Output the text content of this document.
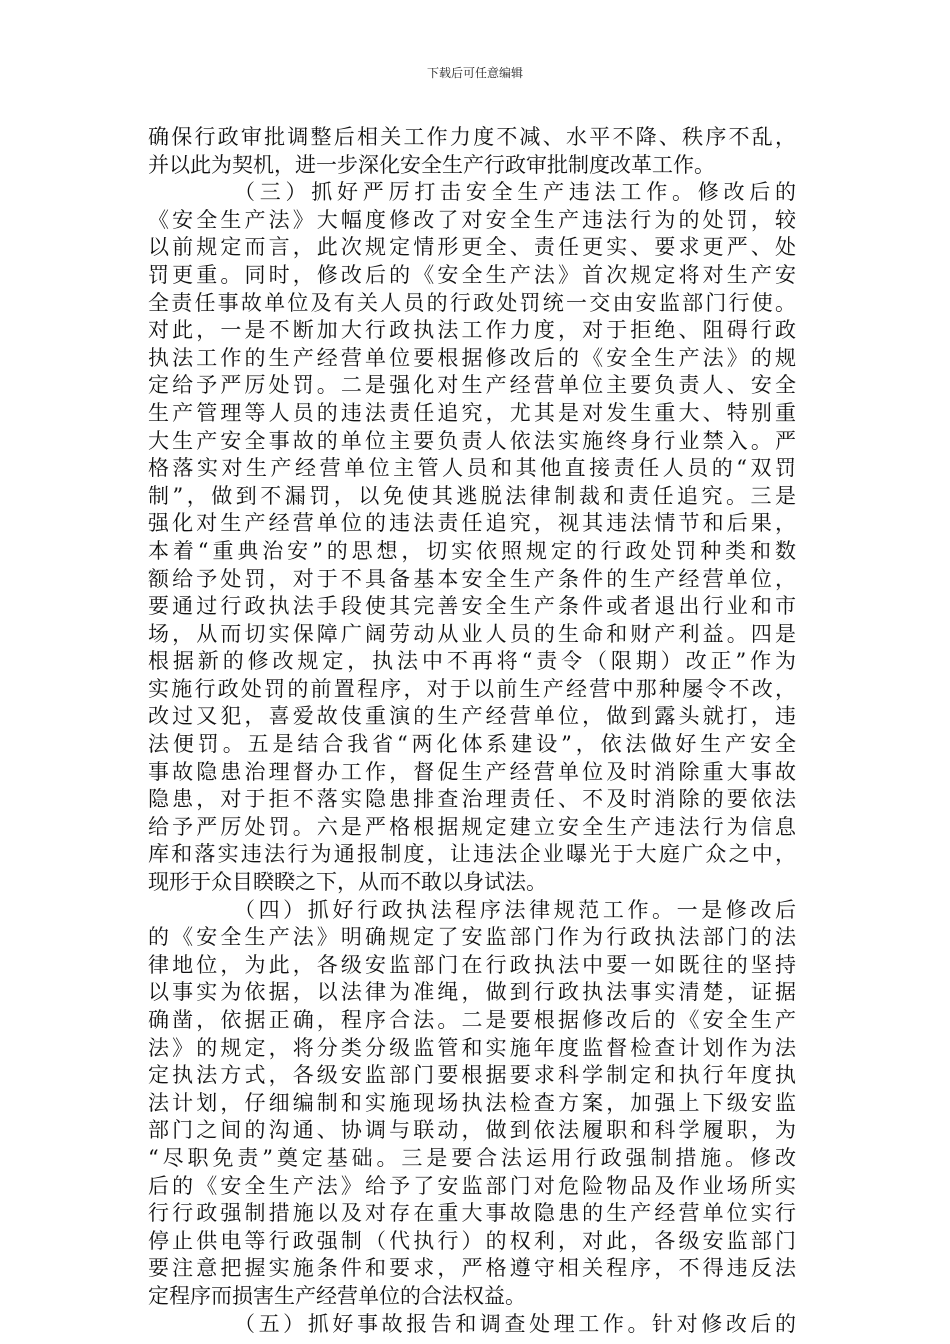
下载后可任意编辑
确保行政审批调整后相关工作力度不减、水平不降、秩序不乱，
并以此为契机，进一步深化安全生产行政审批制度改革工作。
（三）抓好严厉打击安全生产违法工作。修改后的
《安全生产法》大幅度修改了对安全生产违法行为的处罚，较
以前规定而言，此次规定情形更全、责任更实、要求更严、处
罚更重。同时，修改后的《安全生产法》首次规定将对生产安
全责任事故单位及有关人员的行政处罚统一交由安监部门行使。
对此，一是不断加大行政执法工作力度，对于拒绝、阻碍行政
执法工作的生产经营单位要根据修改后的《安全生产法》的规
定给予严厉处罚。二是强化对生产经营单位主要负责人、安全
生产管理等人员的违法责任追究，尤其是对发生重大、特别重
大生产安全事故的单位主要负责人依法实施终身行业禁入。严
格落实对生产经营单位主管人员和其他直接责任人员的“双罚
制”，做到不漏罚，以免使其逃脱法律制裁和责任追究。三是
强化对生产经营单位的违法责任追究，视其违法情节和后果，
本着“重典治安”的思想，切实依照规定的行政处罚种类和数
额给予处罚，对于不具备基本安全生产条件的生产经营单位，
要通过行政执法手段使其完善安全生产条件或者退出行业和市
场，从而切实保障广阔劳动从业人员的生命和财产利益。四是
根据新的修改规定，执法中不再将“责令（限期）改正”作为
实施行政处罚的前置程序，对于以前生产经营中那种屡令不改，
改过又犯，喜爱故伎重演的生产经营单位，做到露头就打，违
法便罚。五是结合我省“两化体系建设”，依法做好生产安全
事故隐患治理督办工作，督促生产经营单位及时消除重大事故
隐患，对于拒不落实隐患排查治理责任、不及时消除的要依法
给予严厉处罚。六是严格根据规定建立安全生产违法行为信息
库和落实违法行为通报制度，让违法企业曝光于大庭广众之中，
现形于众目睽睽之下，从而不敢以身试法。
（四）抓好行政执法程序法律规范工作。一是修改后
的《安全生产法》明确规定了安监部门作为行政执法部门的法
律地位，为此，各级安监部门在行政执法中要一如既往的坚持
以事实为依据，以法律为准绳，做到行政执法事实清楚，证据
确凿，依据正确，程序合法。二是要根据修改后的《安全生产
法》的规定，将分类分级监管和实施年度监督检查计划作为法
定执法方式，各级安监部门要根据要求科学制定和执行年度执
法计划，仔细编制和实施现场执法检查方案，加强上下级安监
部门之间的沟通、协调与联动，做到依法履职和科学履职，为
“尽职免责”奠定基础。三是要合法运用行政强制措施。修改
后的《安全生产法》给予了安监部门对危险物品及作业场所实
行行政强制措施以及对存在重大事故隐患的生产经营单位实行
停止供电等行政强制（代执行）的权利，对此，各级安监部门
要注意把握实施条件和要求，严格遵守相关程序，不得违反法
定程序而损害生产经营单位的合法权益。
（五）抓好事故报告和调查处理工作。针对修改后的
